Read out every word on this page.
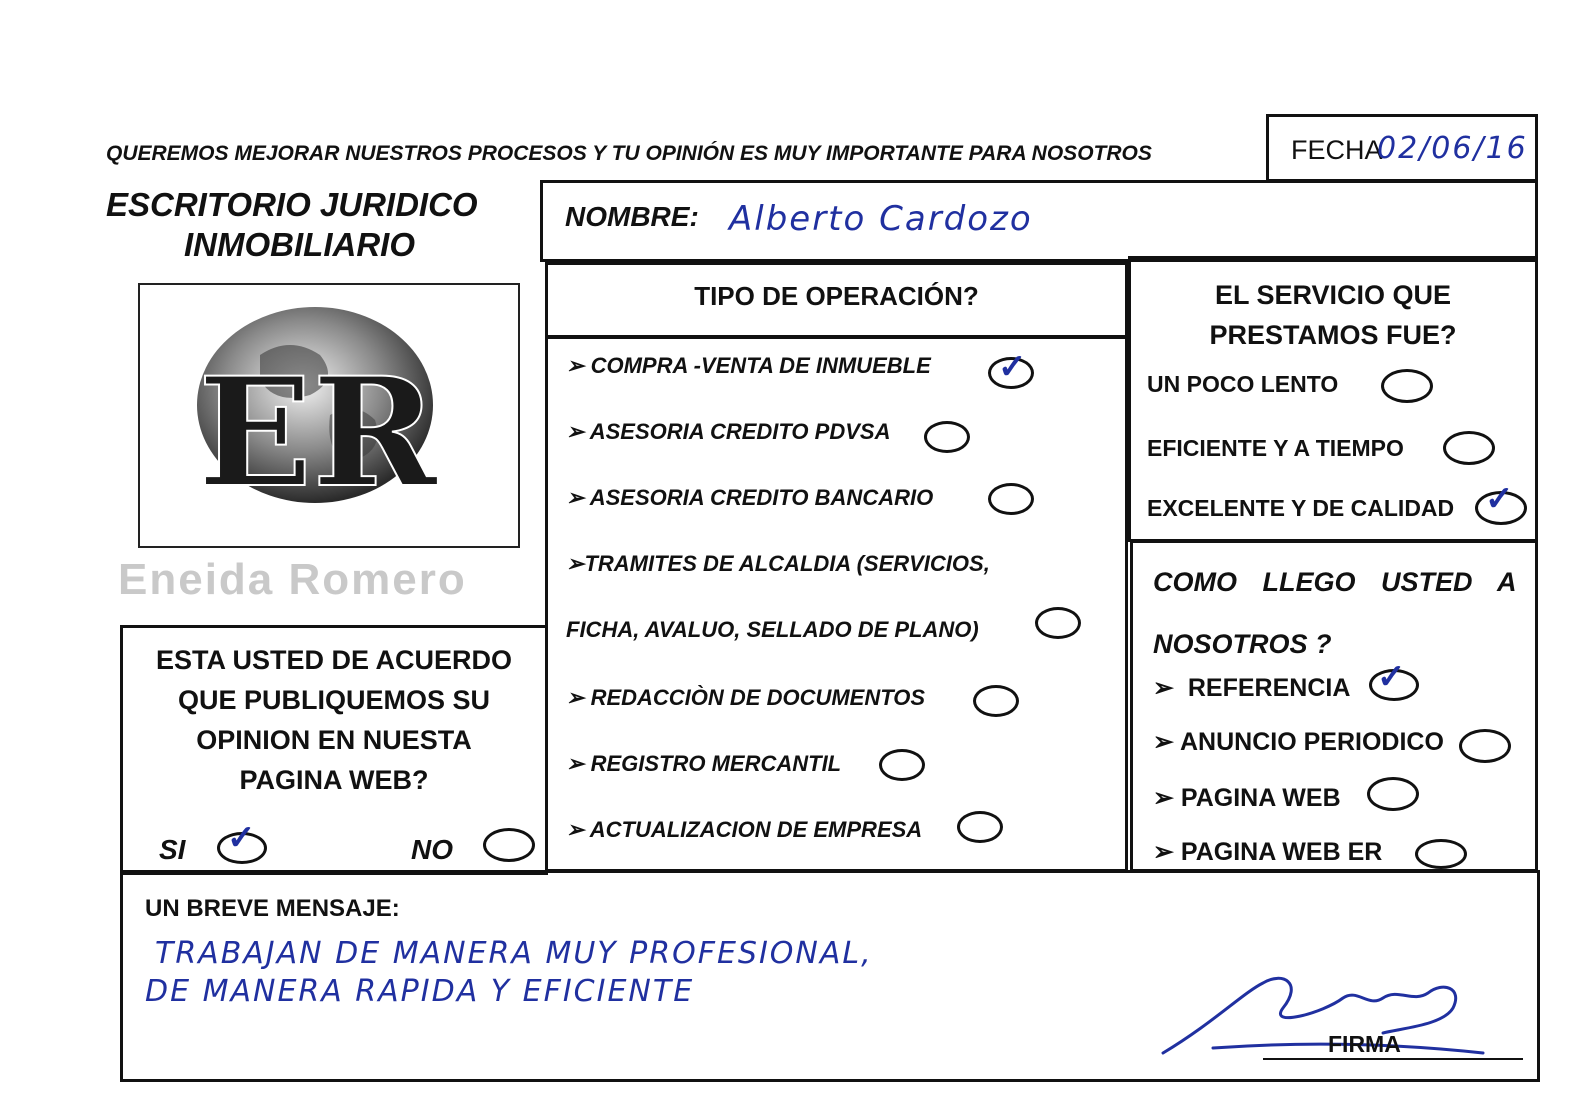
QUEREMOS MEJORAR NUESTROS PROCESOS Y TU OPINIÓN ES MUY IMPORTANTE PARA NOSOTROS	FECHA
02/06/16
ESCRITORIO JURIDICO
INMOBILIARIO
ER
Eneida Romero
NOMBRE: Alberto Cardozo
TIPO DE OPERACIÓN?
➢ COMPRA -VENTA DE INMUEBLE ✓
➢ ASESORIA CREDITO PDVSA
➢ ASESORIA CREDITO BANCARIO
➢TRAMITES DE ALCALDIA (SERVICIOS,
FICHA, AVALUO, SELLADO DE PLANO)
➢ REDACCIÒN DE DOCUMENTOS
➢ REGISTRO MERCANTIL
➢ ACTUALIZACION DE EMPRESA
EL SERVICIO QUE
PRESTAMOS FUE?
UN POCO LENTO
EFICIENTE Y A TIEMPO
EXCELENTE Y DE CALIDAD ✓
COMO LLEGO USTED A
NOSOTROS ?
➢ REFERENCIA ✓
➢ ANUNCIO PERIODICO
➢ PAGINA WEB
➢ PAGINA WEB ER
ESTA USTED DE ACUERDO
QUE PUBLIQUEMOS SU
OPINION EN NUESTA
PAGINA WEB?
SI ✓	NO
UN BREVE MENSAJE:
TRABAJAN DE MANERA MUY PROFESIONAL,
DE MANERA RAPIDA Y EFICIENTE
FIRMA
